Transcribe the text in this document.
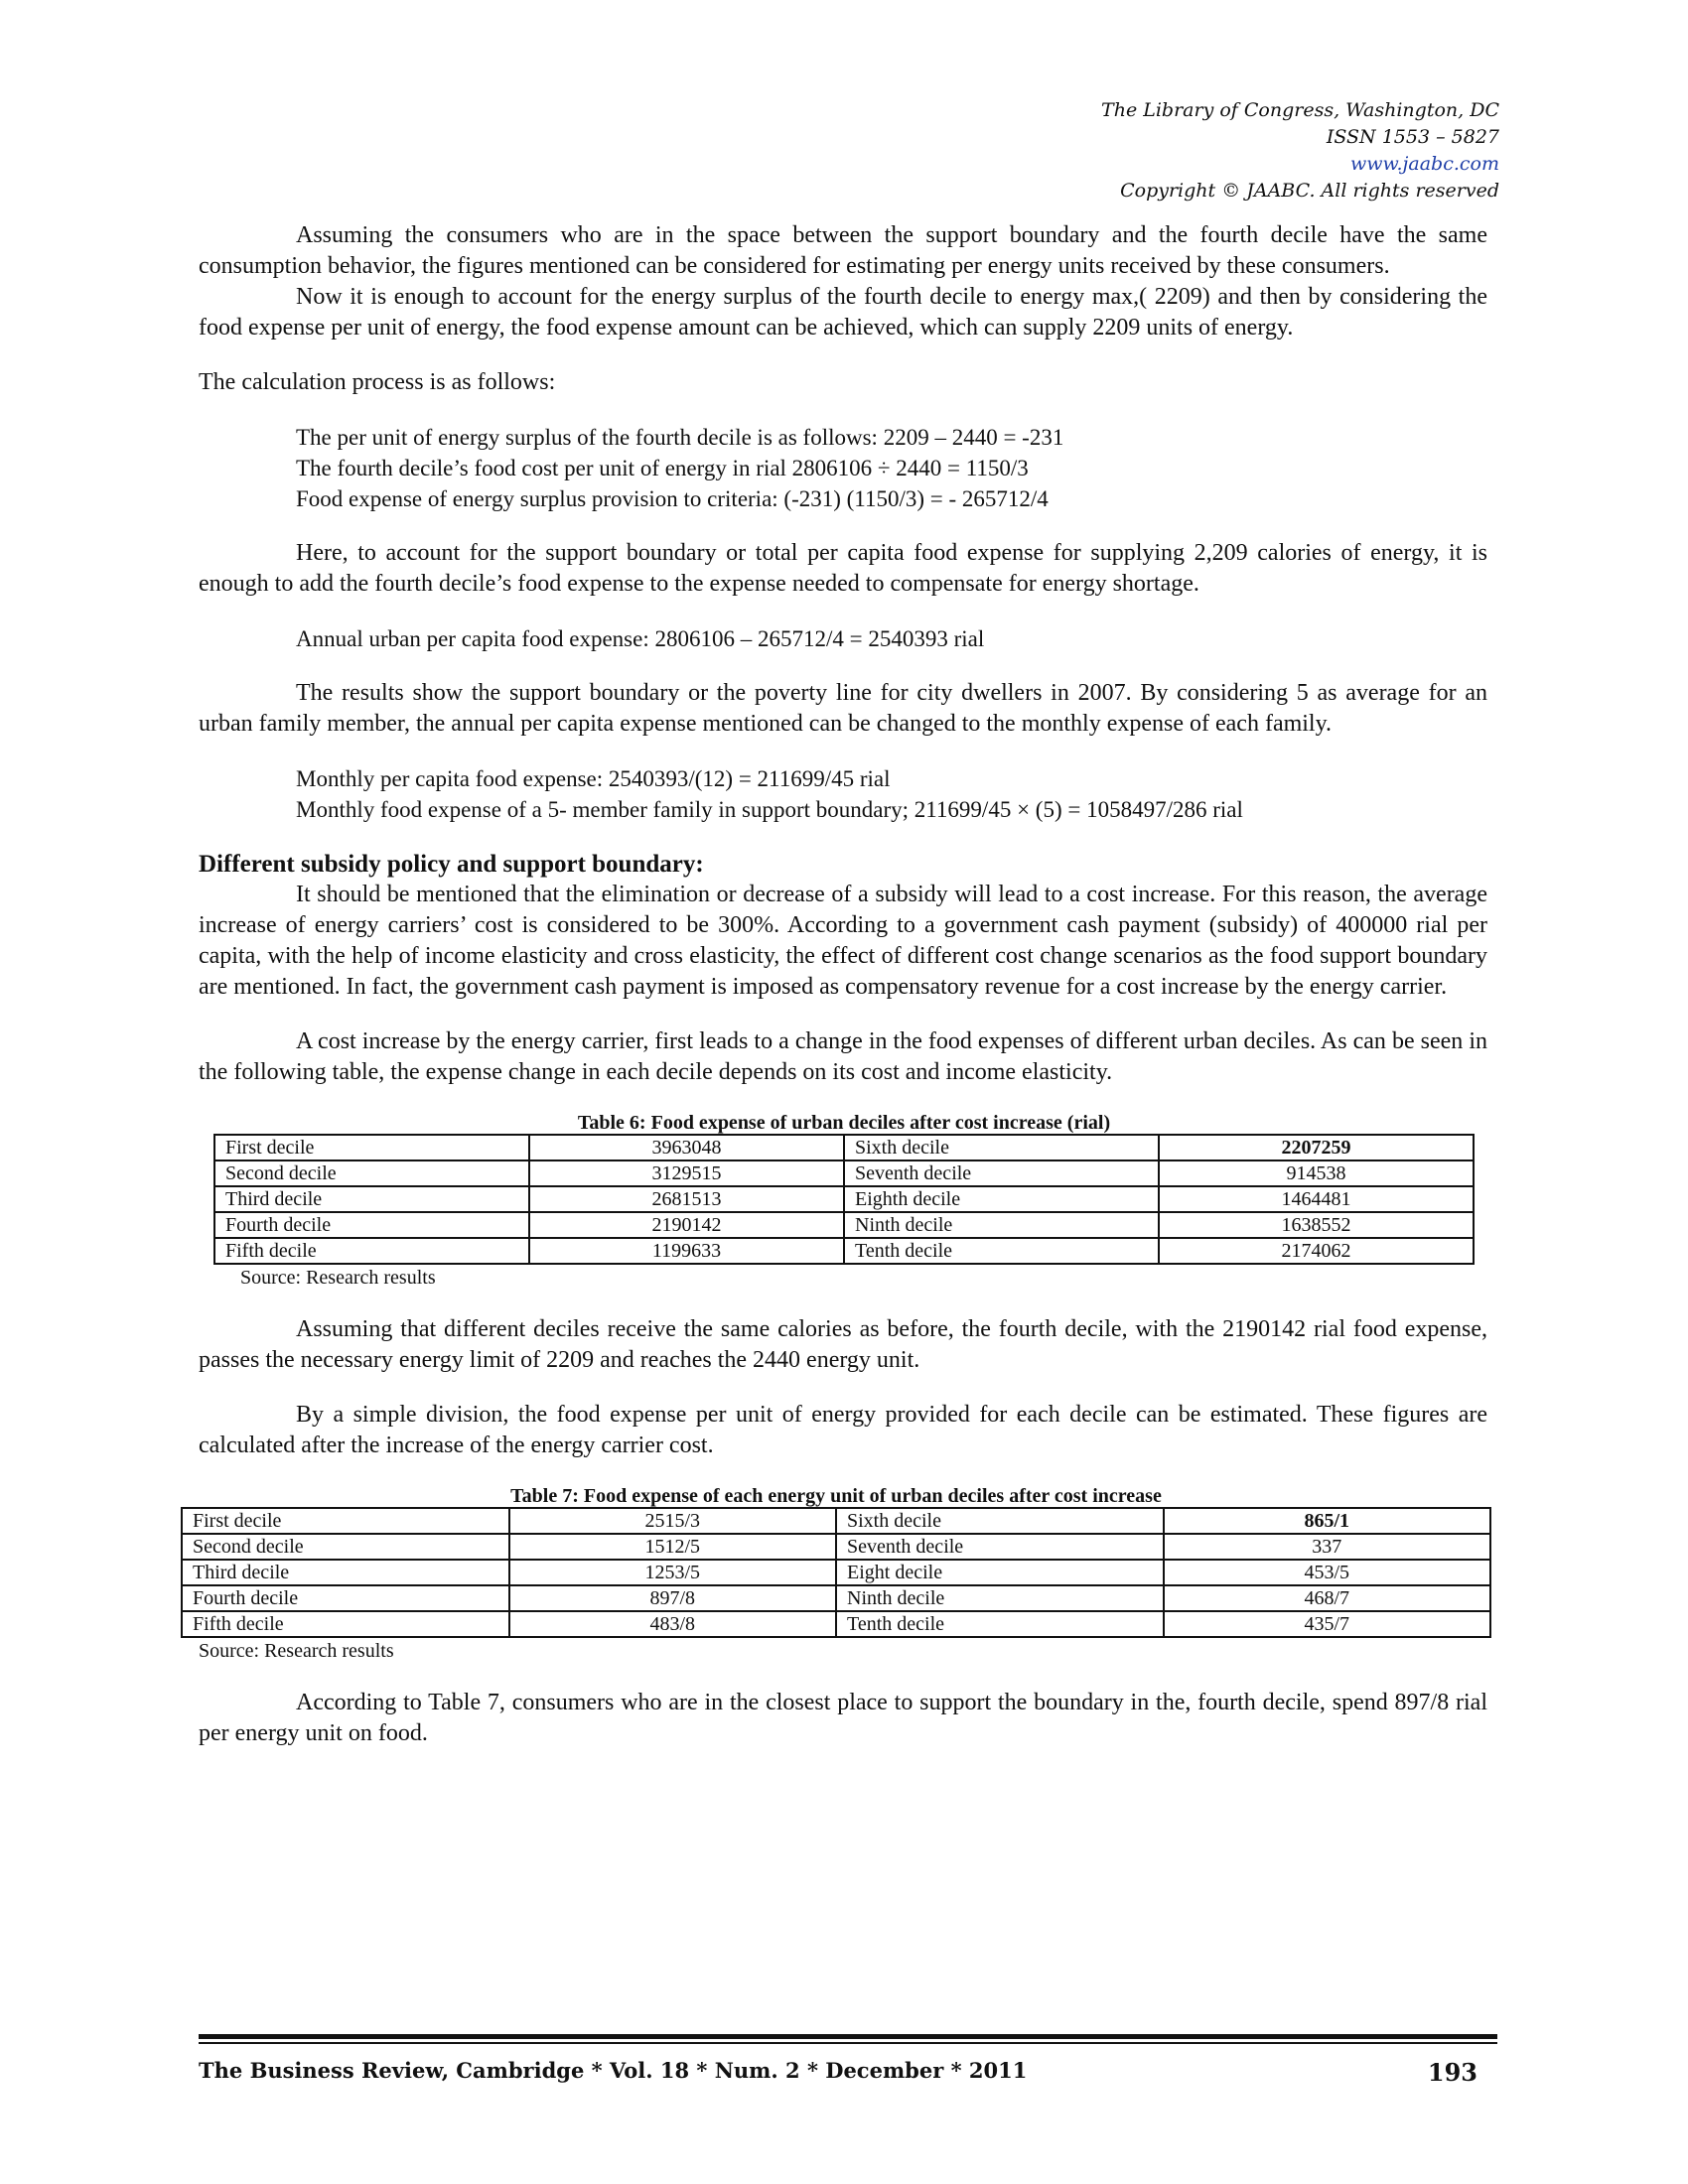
The Library of Congress, Washington, DC
ISSN 1553 – 5827
www.jaabc.com
Copyright © JAABC. All rights reserved

Assuming the consumers who are in the space between the support boundary and the fourth decile have the same consumption behavior, the figures mentioned can be considered for estimating per energy units received by these consumers.

Now it is enough to account for the energy surplus of the fourth decile to energy max,( 2209) and then by considering the food expense per unit of energy, the food expense amount can be achieved, which can supply 2209 units of energy.

The calculation process is as follows:

The per unit of energy surplus of the fourth decile is as follows: 2209 – 2440 = -231
The fourth decile’s food cost per unit of energy in rial 2806106 ÷ 2440 = 1150/3
Food expense of energy surplus provision to criteria: (-231) (1150/3) = - 265712/4

Here, to account for the support boundary or total per capita food expense for supplying 2,209 calories of energy, it is enough to add the fourth decile’s food expense to the expense needed to compensate for energy shortage.

Annual urban per capita food expense: 2806106 – 265712/4 = 2540393 rial

The results show the support boundary or the poverty line for city dwellers in 2007. By considering 5 as average for an urban family member, the annual per capita expense mentioned can be changed to the monthly expense of each family.

Monthly per capita food expense: 2540393/(12) = 211699/45 rial
Monthly food expense of a 5- member family in support boundary; 211699/45 × (5) = 1058497/286 rial
Different subsidy policy and support boundary:

It should be mentioned that the elimination or decrease of a subsidy will lead to a cost increase. For this reason, the average increase of energy carriers’ cost is considered to be 300%. According to a government cash payment (subsidy) of 400000 rial per capita, with the help of income elasticity and cross elasticity, the effect of different cost change scenarios as the food support boundary are mentioned. In fact, the government cash payment is imposed as compensatory revenue for a cost increase by the energy carrier.

A cost increase by the energy carrier, first leads to a change in the food expenses of different urban deciles. As can be seen in the following table, the expense change in each decile depends on its cost and income elasticity.

Table 6: Food expense of urban deciles after cost increase (rial)
First decile	3963048	Sixth decile	2207259
Second decile	3129515	Seventh decile	914538
Third decile	2681513	Eighth decile	1464481
Fourth decile	2190142	Ninth decile	1638552
Fifth decile	1199633	Tenth decile	2174062
Source: Research results

Assuming that different deciles receive the same calories as before, the fourth decile, with the 2190142 rial food expense, passes the necessary energy limit of 2209 and reaches the 2440 energy unit.

By a simple division, the food expense per unit of energy provided for each decile can be estimated. These figures are calculated after the increase of the energy carrier cost.

Table 7: Food expense of each energy unit of urban deciles after cost increase
First decile	2515/3	Sixth decile	865/1
Second decile	1512/5	Seventh decile	337
Third decile	1253/5	Eight decile	453/5
Fourth decile	897/8	Ninth decile	468/7
Fifth decile	483/8	Tenth decile	435/7
Source: Research results

According to Table 7, consumers who are in the closest place to support the boundary in the, fourth decile, spend 897/8 rial per energy unit on food.

The Business Review, Cambridge * Vol. 18 * Num. 2 * December * 2011	193
